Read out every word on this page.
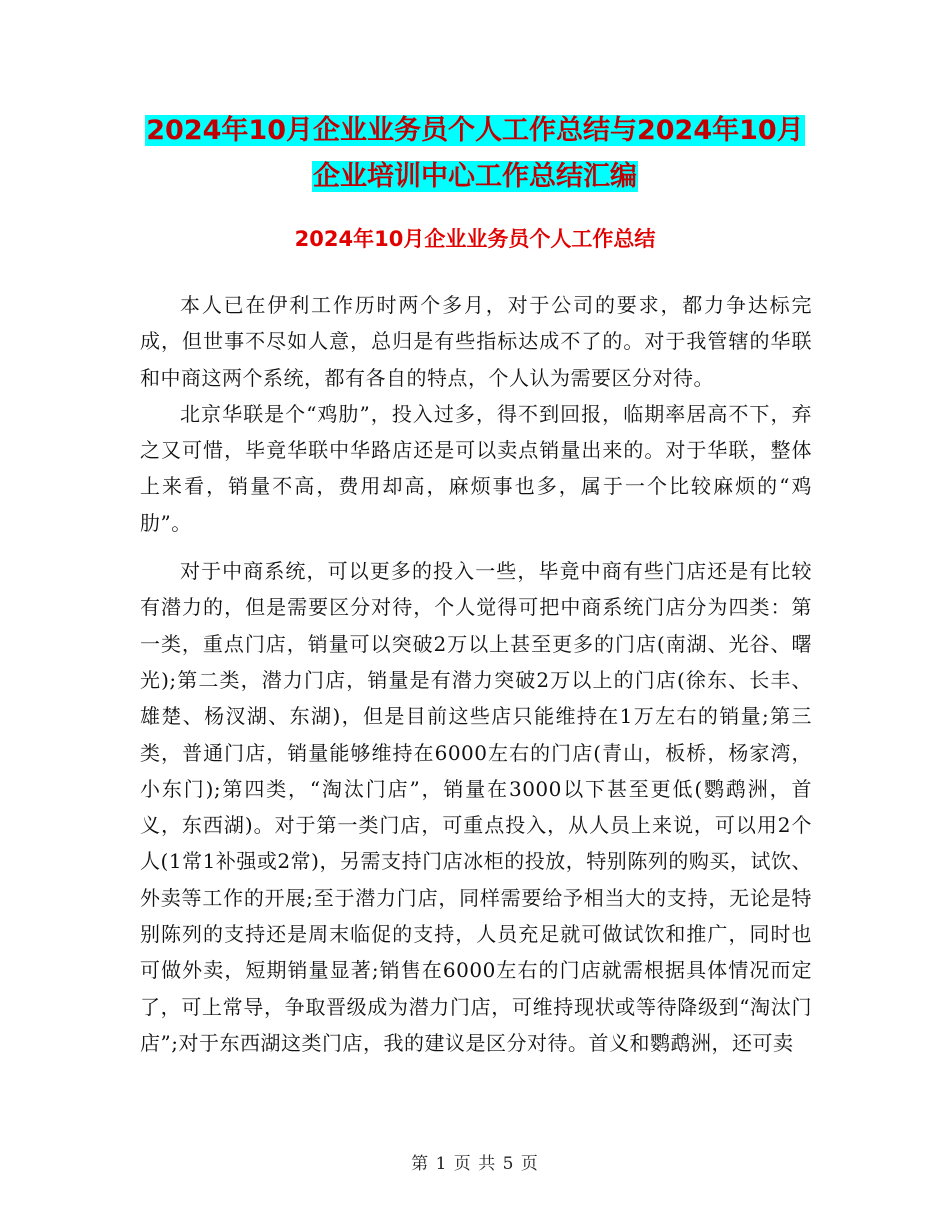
2024年10月企业业务员个人工作总结与2024年10月
企业培训中心工作总结汇编
2024年10月企业业务员个人工作总结

本人已在伊利工作历时两个多月，对于公司的要求，都力争达标完成，但世事不尽如人意，总归是有些指标达成不了的。对于我管辖的华联和中商这两个系统，都有各自的特点，个人认为需要区分对待。

北京华联是个“鸡肋”，投入过多，得不到回报，临期率居高不下，弃之又可惜，毕竟华联中华路店还是可以卖点销量出来的。对于华联，整体上来看，销量不高，费用却高，麻烦事也多，属于一个比较麻烦的“鸡肋”。

对于中商系统，可以更多的投入一些，毕竟中商有些门店还是有比较有潜力的，但是需要区分对待，个人觉得可把中商系统门店分为四类：第一类，重点门店，销量可以突破2万以上甚至更多的门店(南湖、光谷、曙光);第二类，潜力门店，销量是有潜力突破2万以上的门店(徐东、长丰、雄楚、杨汊湖、东湖)，但是目前这些店只能维持在1万左右的销量;第三类，普通门店，销量能够维持在6000左右的门店(青山，板桥，杨家湾，小东门);第四类，“淘汰门店”，销量在3000以下甚至更低(鹦鹉洲，首义，东西湖)。对于第一类门店，可重点投入，从人员上来说，可以用2个人(1常1补强或2常)，另需支持门店冰柜的投放，特别陈列的购买，试饮、外卖等工作的开展;至于潜力门店，同样需要给予相当大的支持，无论是特别陈列的支持还是周末临促的支持，人员充足就可做试饮和推广，同时也可做外卖，短期销量显著;销售在6000左右的门店就需根据具体情况而定了，可上常导，争取晋级成为潜力门店，可维持现状或等待降级到“淘汰门店”;对于东西湖这类门店，我的建议是区分对待。首义和鹦鹉洲，还可卖

第 1 页 共 5 页
